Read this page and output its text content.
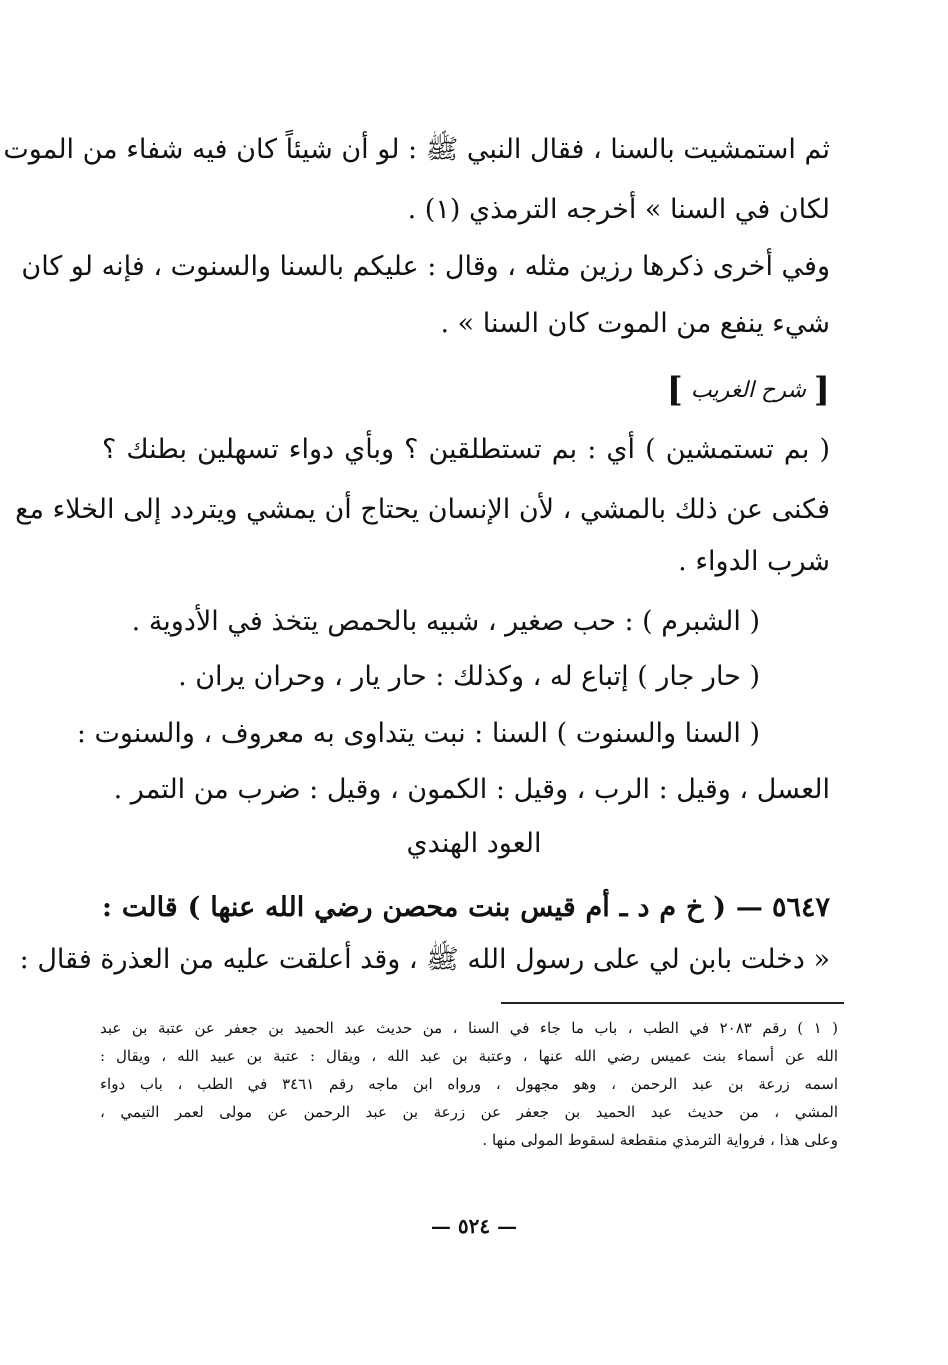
ثم استمشيت بالسنا ، فقال النبي ﷺ : لو أن شيئاً كان فيه شفاء من الموت
لكان في السنا » أخرجه الترمذي (١) .
وفي أخرى ذكرها رزين مثله ، وقال : عليكم بالسنا والسنوت ، فإنه لو كان
شيء ينفع من الموت كان السنا » .
[
شرح الغريب
]
( بم تستمشين ) أي : بم تستطلقين ؟ وبأي دواء تسهلين بطنك ؟
فكنى عن ذلك بالمشي ، لأن الإنسان يحتاج أن يمشي ويتردد إلى الخلاء مع
شرب الدواء .
( الشبرم ) : حب صغير ، شبيه بالحمص يتخذ في الأدوية .
( حار جار ) إتباع له ، وكذلك : حار يار ، وحران يران .
( السنا والسنوت ) السنا : نبت يتداوى به معروف ، والسنوت :
العسل ، وقيل : الرب ، وقيل : الكمون ، وقيل : ضرب من التمر .
العود الهندي
٥٦٤٧ — ( خ م د ـ أم قيس بنت محصن رضي الله عنها ) قالت :
« دخلت بابن لي على رسول الله ﷺ ، وقد أعلقت عليه من العذرة فقال :
( ١ ) رقم ٢٠٨٣ في الطب ، باب ما جاء في السنا ، من حديث عبد الحميد بن جعفر عن عتبة بن عبد
الله عن أسماء بنت عميس رضي الله عنها ، وعتبة بن عبد الله ، ويقال : عتبة بن عبيد الله ، ويقال :
اسمه زرعة بن عبد الرحمن ، وهو مجهول ، ورواه ابن ماجه رقم ٣٤٦١ في الطب ، باب دواء
المشي ، من حديث عبد الحميد بن جعفر عن زرعة بن عبد الرحمن عن مولى لعمر التيمي ،
وعلى هذا ، فرواية الترمذي منقطعة لسقوط المولى منها .
— ٥٢٤ —
